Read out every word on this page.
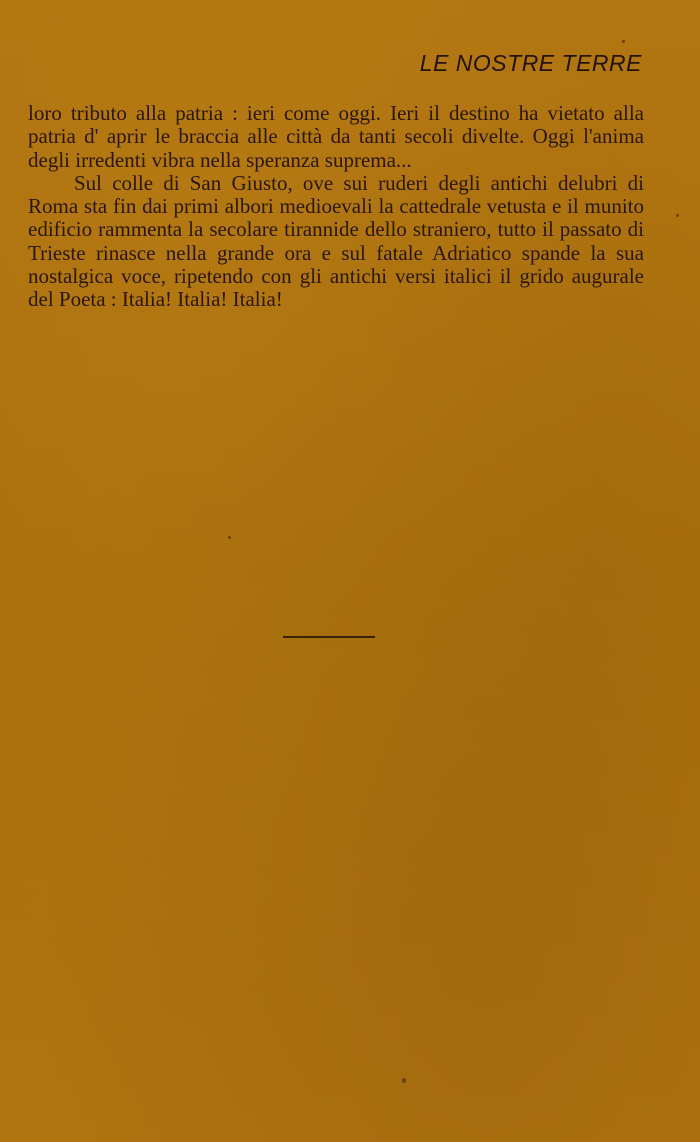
LE NOSTRE TERRE

loro tributo alla patria : ieri come oggi. Ieri il destino ha vietato alla patria d' aprir le braccia alle città da tanti secoli divelte. Oggi l'anima degli irredenti vibra nella speranza suprema...

Sul colle di San Giusto, ove sui ruderi degli antichi delubri di Roma sta fin dai primi albori medioevali la cattedrale vetusta e il munito edificio rammenta la secolare tirannide dello straniero, tutto il passato di Trieste rinasce nella grande ora e sul fatale Adriatico spande la sua nostalgica voce, ripetendo con gli antichi versi italici il grido augurale del Poeta : Italia! Italia! Italia!
